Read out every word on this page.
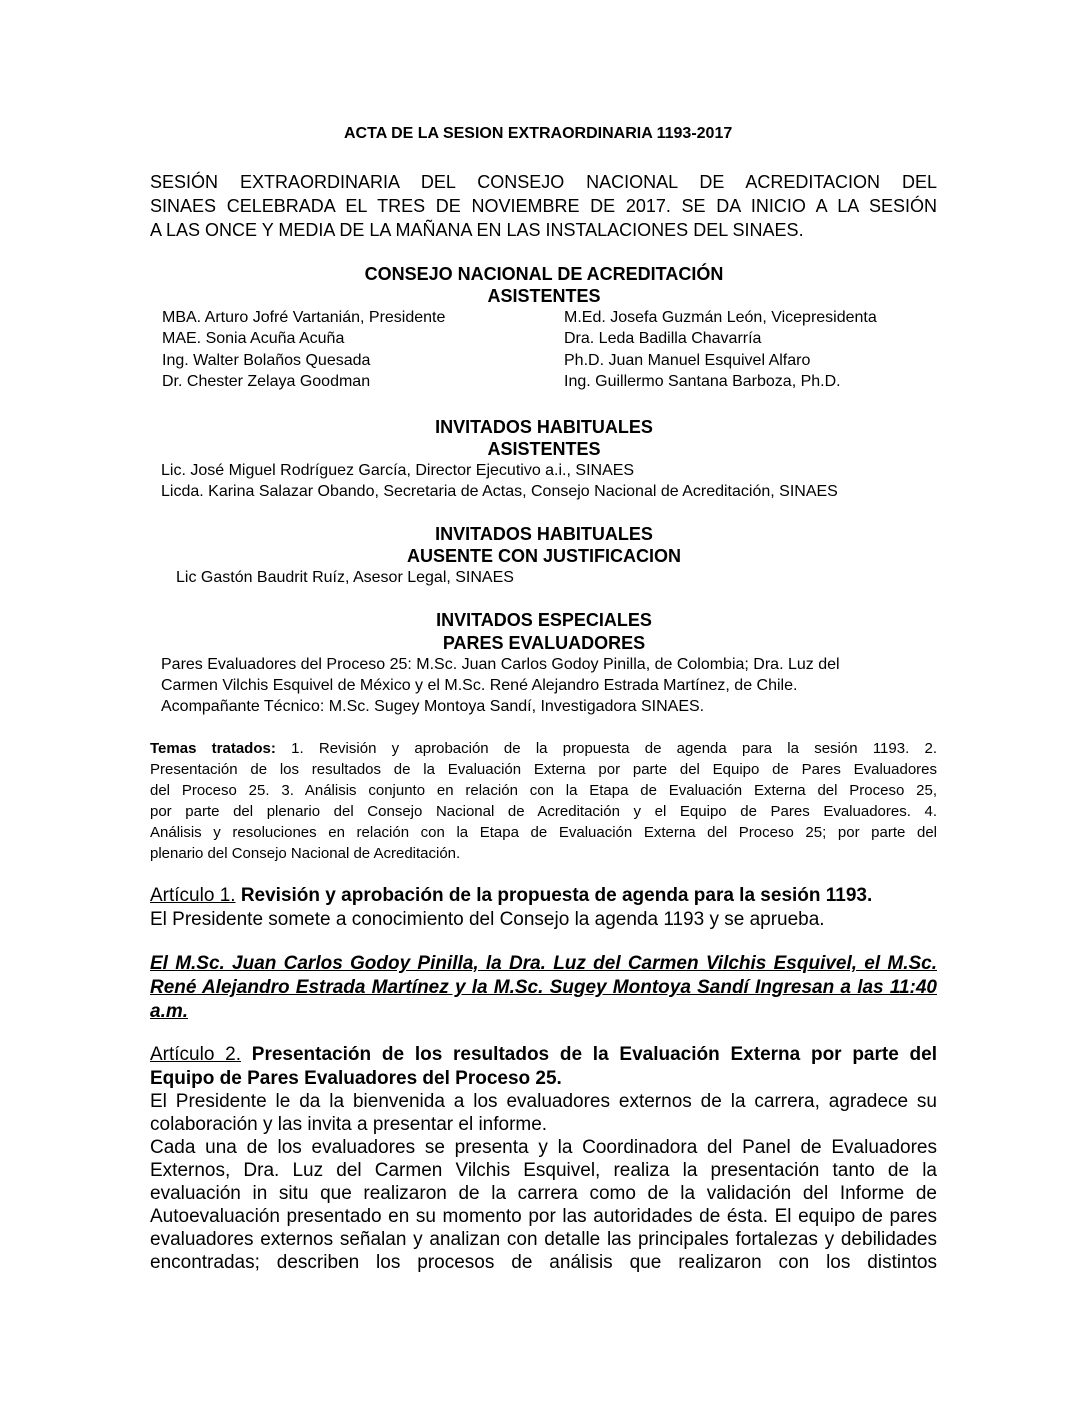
ACTA DE LA SESION EXTRAORDINARIA 1193-2017
SESIÓN EXTRAORDINARIA DEL CONSEJO NACIONAL DE ACREDITACION DEL
SINAES CELEBRADA EL TRES DE NOVIEMBRE DE 2017. SE DA INICIO A LA SESIÓN
A LAS ONCE Y MEDIA DE LA MAÑANA EN LAS INSTALACIONES DEL SINAES.
CONSEJO NACIONAL DE ACREDITACIÓN
ASISTENTES
MBA. Arturo Jofré Vartanián, Presidente
MAE. Sonia Acuña Acuña
Ing. Walter Bolaños Quesada
Dr. Chester Zelaya Goodman
M.Ed. Josefa Guzmán León, Vicepresidenta
Dra. Leda Badilla Chavarría
Ph.D. Juan Manuel Esquivel Alfaro
Ing. Guillermo Santana Barboza, Ph.D.
INVITADOS HABITUALES
ASISTENTES
Lic. José Miguel Rodríguez García, Director Ejecutivo a.i., SINAES
Licda. Karina Salazar Obando, Secretaria de Actas, Consejo Nacional de Acreditación, SINAES
INVITADOS HABITUALES
AUSENTE CON JUSTIFICACION
Lic Gastón Baudrit Ruíz, Asesor Legal, SINAES
INVITADOS ESPECIALES
PARES EVALUADORES
Pares Evaluadores del Proceso 25: M.Sc. Juan Carlos Godoy Pinilla, de Colombia; Dra. Luz del
Carmen Vilchis Esquivel de México y el M.Sc. René Alejandro Estrada Martínez, de Chile.
Acompañante Técnico: M.Sc. Sugey Montoya Sandí, Investigadora SINAES.
Temas tratados: 1. Revisión y aprobación de la propuesta de agenda para la sesión 1193. 2.
Presentación de los resultados de la Evaluación Externa por parte del Equipo de Pares Evaluadores
del Proceso 25. 3. Análisis conjunto en relación con la Etapa de Evaluación Externa del Proceso 25,
por parte del plenario del Consejo Nacional de Acreditación y el Equipo de Pares Evaluadores. 4.
Análisis y resoluciones en relación con la Etapa de Evaluación Externa del Proceso 25; por parte del
plenario del Consejo Nacional de Acreditación.
Artículo 1. Revisión y aprobación de la propuesta de agenda para la sesión 1193.
El Presidente somete a conocimiento del Consejo la agenda 1193 y se aprueba.
El M.Sc. Juan Carlos Godoy Pinilla, la Dra. Luz del Carmen Vilchis Esquivel, el M.Sc.
René Alejandro Estrada Martínez y la M.Sc. Sugey Montoya Sandí Ingresan a las 11:40
a.m.
Artículo 2. Presentación de los resultados de la Evaluación Externa por parte del
Equipo de Pares Evaluadores del Proceso 25.
El Presidente le da la bienvenida a los evaluadores externos de la carrera, agradece su
colaboración y las invita a presentar el informe.
Cada una de los evaluadores se presenta y la Coordinadora del Panel de Evaluadores
Externos, Dra. Luz del Carmen Vilchis Esquivel, realiza la presentación tanto de la
evaluación in situ que realizaron de la carrera como de la validación del Informe de
Autoevaluación presentado en su momento por las autoridades de ésta. El equipo de pares
evaluadores externos señalan y analizan con detalle las principales fortalezas y debilidades
encontradas; describen los procesos de análisis que realizaron con los distintos
